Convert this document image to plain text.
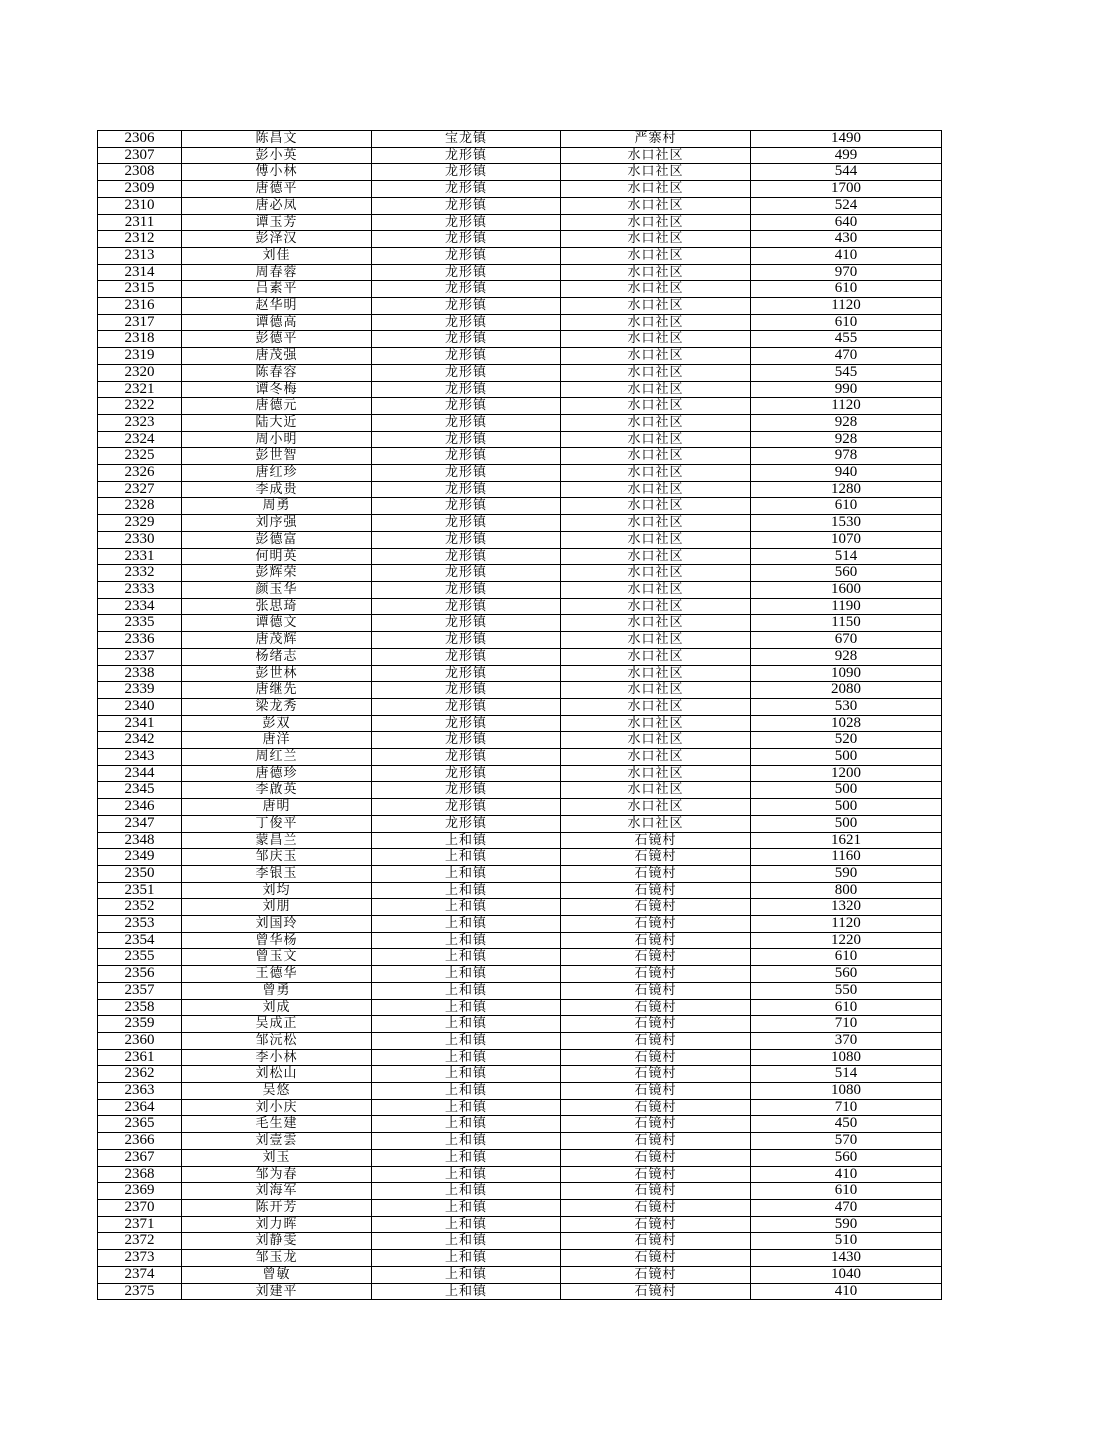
2306	陈昌文	宝龙镇	严寨村	1490
2307	彭小英	龙形镇	水口社区	499
2308	傅小林	龙形镇	水口社区	544
2309	唐德平	龙形镇	水口社区	1700
2310	唐必凤	龙形镇	水口社区	524
2311	谭玉芳	龙形镇	水口社区	640
2312	彭泽汉	龙形镇	水口社区	430
2313	刘佳	龙形镇	水口社区	410
2314	周春蓉	龙形镇	水口社区	970
2315	吕素平	龙形镇	水口社区	610
2316	赵华明	龙形镇	水口社区	1120
2317	谭德高	龙形镇	水口社区	610
2318	彭德平	龙形镇	水口社区	455
2319	唐茂强	龙形镇	水口社区	470
2320	陈春容	龙形镇	水口社区	545
2321	谭冬梅	龙形镇	水口社区	990
2322	唐德元	龙形镇	水口社区	1120
2323	陆大近	龙形镇	水口社区	928
2324	周小明	龙形镇	水口社区	928
2325	彭世智	龙形镇	水口社区	978
2326	唐红珍	龙形镇	水口社区	940
2327	李成贵	龙形镇	水口社区	1280
2328	周勇	龙形镇	水口社区	610
2329	刘序强	龙形镇	水口社区	1530
2330	彭德富	龙形镇	水口社区	1070
2331	何明英	龙形镇	水口社区	514
2332	彭辉荣	龙形镇	水口社区	560
2333	颜玉华	龙形镇	水口社区	1600
2334	张思琦	龙形镇	水口社区	1190
2335	谭德文	龙形镇	水口社区	1150
2336	唐茂辉	龙形镇	水口社区	670
2337	杨绪志	龙形镇	水口社区	928
2338	彭世林	龙形镇	水口社区	1090
2339	唐继先	龙形镇	水口社区	2080
2340	梁龙秀	龙形镇	水口社区	530
2341	彭双	龙形镇	水口社区	1028
2342	唐洋	龙形镇	水口社区	520
2343	周红兰	龙形镇	水口社区	500
2344	唐德珍	龙形镇	水口社区	1200
2345	李啟英	龙形镇	水口社区	500
2346	唐明	龙形镇	水口社区	500
2347	丁俊平	龙形镇	水口社区	500
2348	蒙昌兰	上和镇	石镜村	1621
2349	邹庆玉	上和镇	石镜村	1160
2350	李银玉	上和镇	石镜村	590
2351	刘均	上和镇	石镜村	800
2352	刘朋	上和镇	石镜村	1320
2353	刘国玲	上和镇	石镜村	1120
2354	曾华杨	上和镇	石镜村	1220
2355	曾玉文	上和镇	石镜村	610
2356	王德华	上和镇	石镜村	560
2357	曾勇	上和镇	石镜村	550
2358	刘成	上和镇	石镜村	610
2359	吴成正	上和镇	石镜村	710
2360	邹沅松	上和镇	石镜村	370
2361	李小林	上和镇	石镜村	1080
2362	刘松山	上和镇	石镜村	514
2363	吴悠	上和镇	石镜村	1080
2364	刘小庆	上和镇	石镜村	710
2365	毛生建	上和镇	石镜村	450
2366	刘壹雲	上和镇	石镜村	570
2367	刘玉	上和镇	石镜村	560
2368	邹为春	上和镇	石镜村	410
2369	刘海军	上和镇	石镜村	610
2370	陈开芳	上和镇	石镜村	470
2371	刘力晖	上和镇	石镜村	590
2372	刘静雯	上和镇	石镜村	510
2373	邹玉龙	上和镇	石镜村	1430
2374	曾敏	上和镇	石镜村	1040
2375	刘建平	上和镇	石镜村	410
